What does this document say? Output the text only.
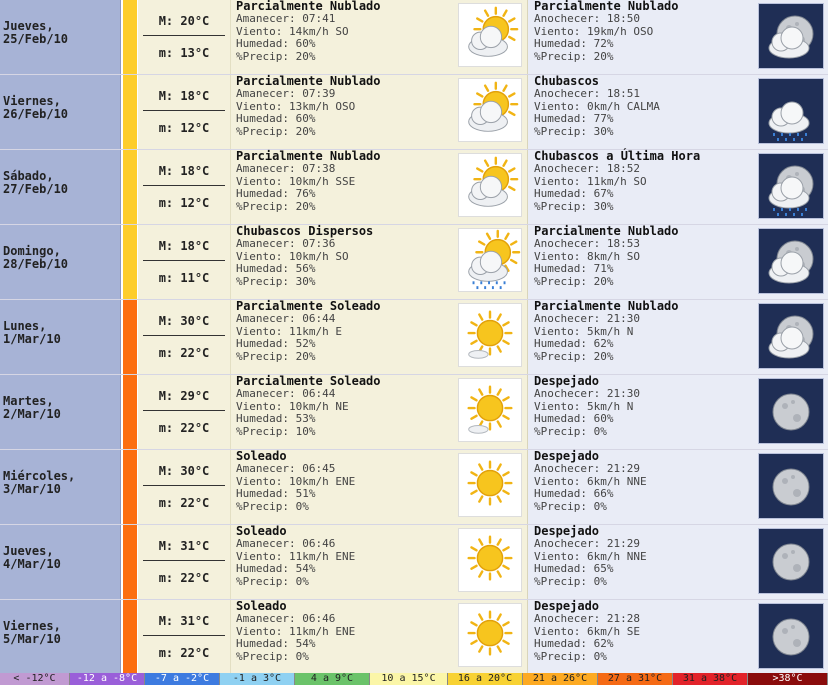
Jueves,
25/Feb/10
M: 20°C
m: 13°C
Parcialmente Nublado
Amanecer: 07:41
Viento: 14km/h SO
Humedad: 60%
%Precip: 20%
Parcialmente Nublado
Anochecer: 18:50
Viento: 19km/h OSO
Humedad: 72%
%Precip: 20%
Viernes,
26/Feb/10
M: 18°C
m: 12°C
Parcialmente Nublado
Amanecer: 07:39
Viento: 13km/h OSO
Humedad: 60%
%Precip: 20%
Chubascos
Anochecer: 18:51
Viento: 0km/h CALMA
Humedad: 77%
%Precip: 30%
Sábado,
27/Feb/10
M: 18°C
m: 12°C
Parcialmente Nublado
Amanecer: 07:38
Viento: 10km/h SSE
Humedad: 76%
%Precip: 20%
Chubascos a Última Hora
Anochecer: 18:52
Viento: 11km/h SO
Humedad: 67%
%Precip: 30%
Domingo,
28/Feb/10
M: 18°C
m: 11°C
Chubascos Dispersos
Amanecer: 07:36
Viento: 10km/h SO
Humedad: 56%
%Precip: 30%
Parcialmente Nublado
Anochecer: 18:53
Viento: 8km/h SO
Humedad: 71%
%Precip: 20%
Lunes,
1/Mar/10
M: 30°C
m: 22°C
Parcialmente Soleado
Amanecer: 06:44
Viento: 11km/h E
Humedad: 52%
%Precip: 20%
Parcialmente Nublado
Anochecer: 21:30
Viento: 5km/h N
Humedad: 62%
%Precip: 20%
Martes,
2/Mar/10
M: 29°C
m: 22°C
Parcialmente Soleado
Amanecer: 06:44
Viento: 10km/h NE
Humedad: 53%
%Precip: 10%
Despejado
Anochecer: 21:30
Viento: 5km/h N
Humedad: 60%
%Precip: 0%
Miércoles,
3/Mar/10
M: 30°C
m: 22°C
Soleado
Amanecer: 06:45
Viento: 10km/h ENE
Humedad: 51%
%Precip: 0%
Despejado
Anochecer: 21:29
Viento: 6km/h NNE
Humedad: 66%
%Precip: 0%
Jueves,
4/Mar/10
M: 31°C
m: 22°C
Soleado
Amanecer: 06:46
Viento: 11km/h ENE
Humedad: 54%
%Precip: 0%
Despejado
Anochecer: 21:29
Viento: 6km/h NNE
Humedad: 65%
%Precip: 0%
Viernes,
5/Mar/10
M: 31°C
m: 22°C
Soleado
Amanecer: 06:46
Viento: 11km/h ENE
Humedad: 54%
%Precip: 0%
Despejado
Anochecer: 21:28
Viento: 6km/h SE
Humedad: 62%
%Precip: 0%
< -12°C	-12 a -8°C	-7 a -2°C	-1 a 3°C	4 a 9°C	10 a 15°C	16 a 20°C	21 a 26°C	27 a 31°C	31 a 38°C	>38°C
